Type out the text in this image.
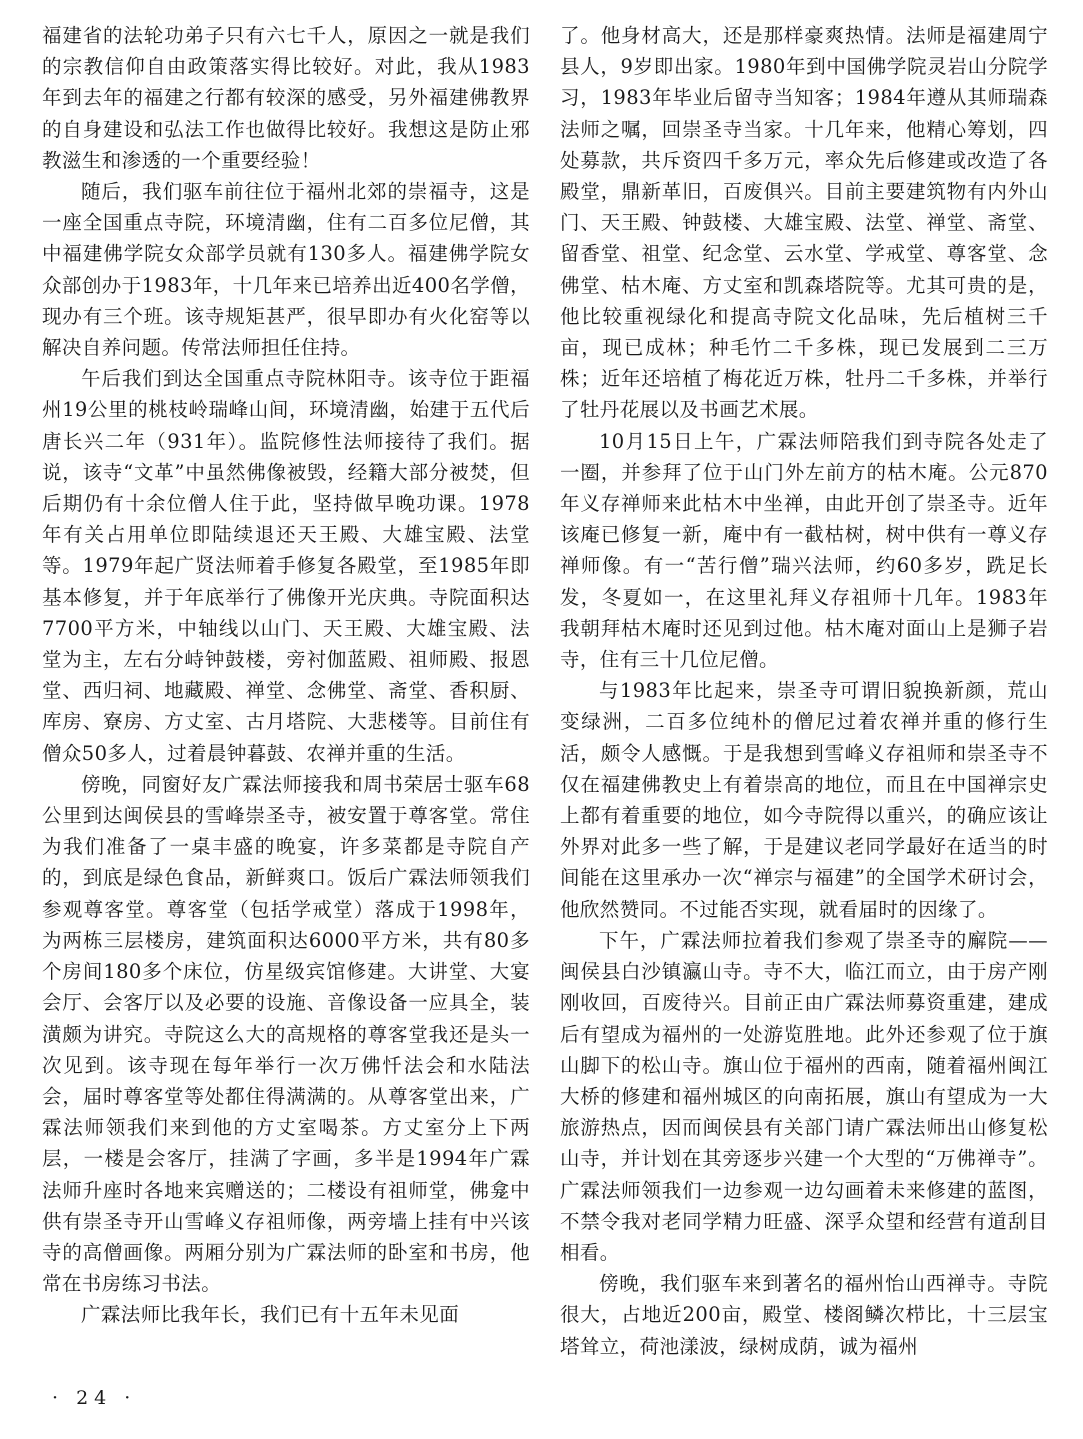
福建省的法轮功弟子只有六七千人，原因之一就是我们的宗教信仰自由政策落实得比较好。对此，我从1983年到去年的福建之行都有较深的感受，另外福建佛教界的自身建设和弘法工作也做得比较好。我想这是防止邪教滋生和渗透的一个重要经验！

随后，我们驱车前往位于福州北郊的崇福寺，这是一座全国重点寺院，环境清幽，住有二百多位尼僧，其中福建佛学院女众部学员就有130多人。福建佛学院女众部创办于1983年，十几年来已培养出近400名学僧，现办有三个班。该寺规矩甚严，很早即办有火化窑等以解决自养问题。传常法师担任住持。

午后我们到达全国重点寺院林阳寺。该寺位于距福州19公里的桃枝岭瑞峰山间，环境清幽，始建于五代后唐长兴二年（931年）。监院修性法师接待了我们。据说，该寺“文革”中虽然佛像被毁，经籍大部分被焚，但后期仍有十余位僧人住于此，坚持做早晚功课。1978年有关占用单位即陆续退还天王殿、大雄宝殿、法堂等。1979年起广贤法师着手修复各殿堂，至1985年即基本修复，并于年底举行了佛像开光庆典。寺院面积达7700平方米，中轴线以山门、天王殿、大雄宝殿、法堂为主，左右分峙钟鼓楼，旁衬伽蓝殿、祖师殿、报恩堂、西归祠、地藏殿、禅堂、念佛堂、斋堂、香积厨、库房、寮房、方丈室、古月塔院、大悲楼等。目前住有僧众50多人，过着晨钟暮鼓、农禅并重的生活。

傍晚，同窗好友广霖法师接我和周书荣居士驱车68公里到达闽侯县的雪峰崇圣寺，被安置于尊客堂。常住为我们准备了一桌丰盛的晚宴，许多菜都是寺院自产的，到底是绿色食品，新鲜爽口。饭后广霖法师领我们参观尊客堂。尊客堂（包括学戒堂）落成于1998年，为两栋三层楼房，建筑面积达6000平方米，共有80多个房间180多个床位，仿星级宾馆修建。大讲堂、大宴会厅、会客厅以及必要的设施、音像设备一应具全，装潢颇为讲究。寺院这么大的高规格的尊客堂我还是头一次见到。该寺现在每年举行一次万佛忏法会和水陆法会，届时尊客堂等处都住得满满的。从尊客堂出来，广霖法师领我们来到他的方丈室喝茶。方丈室分上下两层，一楼是会客厅，挂满了字画，多半是1994年广霖法师升座时各地来宾赠送的；二楼设有祖师堂，佛龛中供有崇圣寺开山雪峰义存祖师像，两旁墙上挂有中兴该寺的高僧画像。两厢分别为广霖法师的卧室和书房，他常在书房练习书法。

广霖法师比我年长，我们已有十五年未见面

了。他身材高大，还是那样豪爽热情。法师是福建周宁县人，9岁即出家。1980年到中国佛学院灵岩山分院学习，1983年毕业后留寺当知客；1984年遵从其师瑞森法师之嘱，回崇圣寺当家。十几年来，他精心筹划，四处募款，共斥资四千多万元，率众先后修建或改造了各殿堂，鼎新革旧，百废俱兴。目前主要建筑物有内外山门、天王殿、钟鼓楼、大雄宝殿、法堂、禅堂、斋堂、留香堂、祖堂、纪念堂、云水堂、学戒堂、尊客堂、念佛堂、枯木庵、方丈室和凯森塔院等。尤其可贵的是，他比较重视绿化和提高寺院文化品味，先后植树三千亩，现已成林；种毛竹二千多株，现已发展到二三万株；近年还培植了梅花近万株，牡丹二千多株，并举行了牡丹花展以及书画艺术展。

10月15日上午，广霖法师陪我们到寺院各处走了一圈，并参拜了位于山门外左前方的枯木庵。公元870年义存禅师来此枯木中坐禅，由此开创了崇圣寺。近年该庵已修复一新，庵中有一截枯树，树中供有一尊义存禅师像。有一“苦行僧”瑞兴法师，约60多岁，跣足长发，冬夏如一，在这里礼拜义存祖师十几年。1983年我朝拜枯木庵时还见到过他。枯木庵对面山上是狮子岩寺，住有三十几位尼僧。

与1983年比起来，崇圣寺可谓旧貌换新颜，荒山变绿洲，二百多位纯朴的僧尼过着农禅并重的修行生活，颇令人感慨。于是我想到雪峰义存祖师和崇圣寺不仅在福建佛教史上有着崇高的地位，而且在中国禅宗史上都有着重要的地位，如今寺院得以重兴，的确应该让外界对此多一些了解，于是建议老同学最好在适当的时间能在这里承办一次“禅宗与福建”的全国学术研讨会，他欣然赞同。不过能否实现，就看届时的因缘了。

下午，广霖法师拉着我们参观了崇圣寺的廨院——闽侯县白沙镇瀛山寺。寺不大，临江而立，由于房产刚刚收回，百废待兴。目前正由广霖法师募资重建，建成后有望成为福州的一处游览胜地。此外还参观了位于旗山脚下的松山寺。旗山位于福州的西南，随着福州闽江大桥的修建和福州城区的向南拓展，旗山有望成为一大旅游热点，因而闽侯县有关部门请广霖法师出山修复松山寺，并计划在其旁逐步兴建一个大型的“万佛禅寺”。广霖法师领我们一边参观一边勾画着未来修建的蓝图，不禁令我对老同学精力旺盛、深孚众望和经营有道刮目相看。

傍晚，我们驱车来到著名的福州怡山西禅寺。寺院很大，占地近200亩，殿堂、楼阁鳞次栉比，十三层宝塔耸立，荷池漾波，绿树成荫，诚为福州

· 24 ·
